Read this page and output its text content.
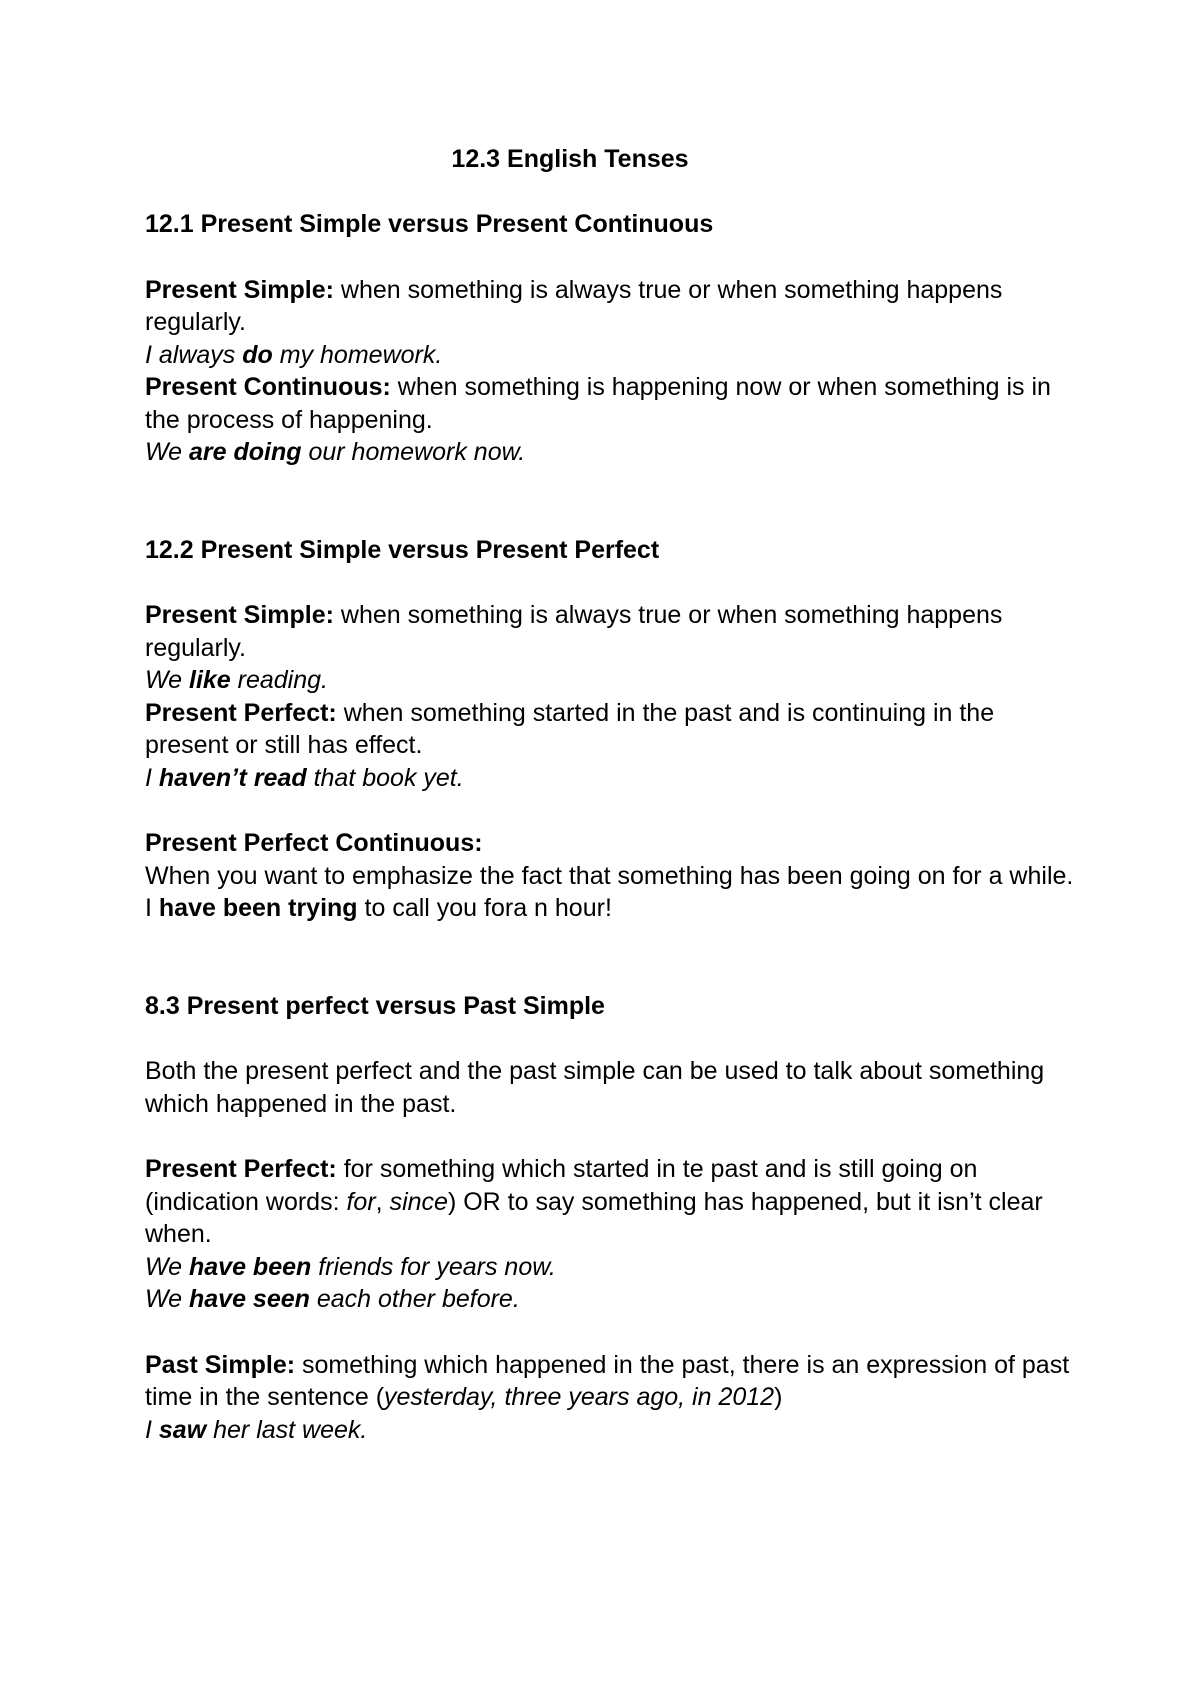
12.3 English Tenses

12.1 Present Simple versus Present Continuous

Present Simple: when something is always true or when something happens regularly.

I always do my homework.

Present Continuous: when something is happening now or when something is in the process of happening.

We are doing our homework now.

12.2 Present Simple versus Present Perfect

Present Simple: when something is always true or when something happens regularly.

We like reading.

Present Perfect: when something started in the past and is continuing in the present or still has effect.

I haven’t read that book yet.

Present Perfect Continuous:

When you want to emphasize the fact that something has been going on for a while.

I have been trying to call you fora n hour!

8.3 Present perfect versus Past Simple

Both the present perfect and the past simple can be used to talk about something which happened in the past.

Present Perfect: for something which started in te past and is still going on (indication words: for, since) OR to say something has happened, but it isn’t clear when.

We have been friends for years now.

We have seen each other before.

Past Simple: something which happened in the past, there is an expression of past time in the sentence (yesterday, three years ago, in 2012)

I saw her last week.
